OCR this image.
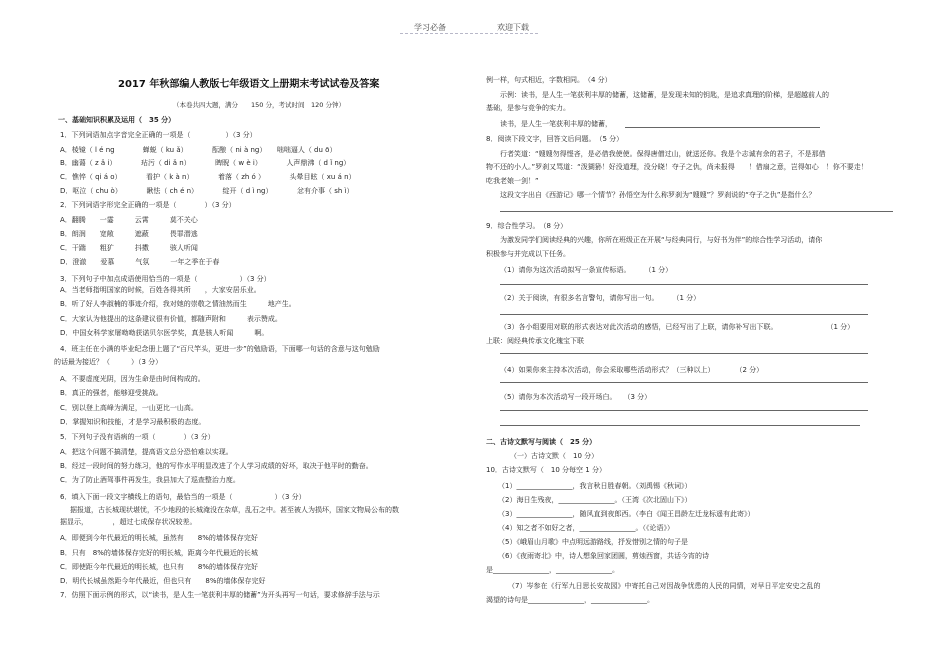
学习必备	欢迎下载
2017 年秋部编人教版七年级语文上册期末考试试卷及答案
（本卷共四大题，满分　　150 分，考试时间　120 分钟）
一、基础知识积累及运用（　35 分）
1．下列词语加点字音完全正确的一项是（　　　　　）（3 分）
A．棱镜（ l é ng　　　　蝉蜕（ ku ǎ）　　　　酝酿（ ni à ng）　　咄咄逼人（ du ō）
B．幽蔼（ z ǎ i）　　　　玷污（ di ǎ n）　　　　睥睨（ w è i）　　　　人声鼎沸（ d ǐ ng）
C．憔悴（ qi á o）　　　　看护（ k à n）　　　　着落（ zh ó ）　　　　头晕目眩（ xu á n）
D．呕泣（ chu ò）　　　　瞅怯（ ch é n）　　　　绽开（ d ì ng）　　　　忿有介事（ sh ì）
2．下列词语字形完全正确的一项是（　　　　）（3 分）
A．翻腾　　一霎　　　云霄　　　莫不关心
B．朗润　　宽敞　　　遮蔽　　　畏罪潜逃
C．干踹　　粗犷　　　抖擞　　　骇人听闻
D．澄澈　　爱慕　　　气氛　　　一年之季在于春
3．下列句子中加点成语使用恰当的一项是（　　　　　　）（3 分）
A．当老师指明国家的时候，百姓各得其所　　，大家安居乐业。
B．听了好人李淑楠的事迹介绍，我对她的崇敬之情油然而生　　　地产生。
C．大家认为他提出的这条建议很有价值，都随声附和　　　表示赞成。
D．中国女科学家屠呦呦获诺贝尔医学奖，真是骇人听闻　　　啊。
4．班主任在小满的毕业纪念册上题了“百尺竿头，更进一步”的勉励语，下面哪一句话的含意与这句勉励
的话最为接近？（　　　）（3 分）
A．不要虚度光阴，因为生命是由时间构成的。
B．真正的强者，能够迎受挑战。
C．别以登上高峰为满足，一山更比一山高。
D．掌握知识和技能，才是学习最积极的态度。
5．下列句子没有语病的一项（　　　　）（3 分）
A．把这个问题不搞清楚，提高语文总分恐怕难以实现。
B．经过一段时间的努力练习，他的写作水平明显改进了个人学习成绩的好坏，取决于他平时的勤奋。
C．为了防止酒驾事件再发生，我县加大了巡查整治力度。
6．填入下面一段文字横线上的语句，最恰当的一项是（　　　　　　）（3 分）
据报道，古长城现状堪忧，不少地段的长城淹没在杂草，乱石之中。甚至被人为损坏，国家文物局公布的数
据显示，　　　　，超过七成保存状况较差。
A．即便到今年代最近的明长城，虽然有　　8%的墙体保存完好
B．只有　8%的墙体保存完好的明长城，距离今年代最近的长城
C．即使距今年代最近的明长城，也只有　　8%的墙体保存完好
D．明代长城虽然距今年代最近，但也只有　　8%的墙体保存完好
7．仿照下面示例的形式，以“读书，是人生一笔获利丰厚的储蓄”为开头再写一句话，要求修辞手法与示
例一样，句式相近，字数相同。　（4 分）
示例：读书，是人生一笔获利丰厚的储蓄，这储蓄，是发现未知的钥匙，是追求真理的阶梯，是超越前人的
基础，是参与竞争的实力。
读书，是人生一笔获利丰厚的储蓄，
8．阅读下段文字，回答文后问题。　（5 分）
行者笑道：“嫂嫂勿得悭吝，是必借我使使。保得唐僧过山，就送还你。我是个志诚有余的君子，不是那借
物不还的小人。”罗刹又骂道：“泼猢狲！好没道理，没分晓！夺子之仇，尚未报得　　！借扇之意，岂得如心　！你不要走！
吃我老娘一剑！”
这段文字出自《西游记》哪一个情节？孙悟空为什么称罗刹为“嫂嫂”？罗刹说的“夺子之仇”是指什么？
9．综合性学习。　（8 分）
为激发同学们阅读经典的兴趣，你所在班级正在开展“与经典同行，与好书为伴”的综合性学习活动，请你
积极参与并完成以下任务。
（1）请你为这次活动拟写一条宣传标语。　　　（1 分）
（2）关于阅读，有很多名言警句，请你写出一句。　　　（1 分）
（3）各小组要用对联的形式表达对此次活动的感悟，已经写出了上联，请你补写出下联。　　　　　　　　（1 分）
上联：阅经典传承文化瑰宝下联
（4）如果你来主持本次活动，你会采取哪些活动形式？（三种以上）　　　　（2 分）
（5）请你为本次活动写一段开场白。　　（3 分）
二、古诗文默写与阅读（　25 分）
（一）古诗文默（　10 分）
10．古诗文默写（　10 分每空 1 分）
（1）________________，我言秋日胜春朝。（刘禹锡《秋词》）
（2）海日生残夜，________________。（王湾《次北固山下》）
（3）________________，随风直到夜郎西。（李白《闻王昌龄左迁龙标遥有此寄》）
（4）知之者不如好之者，________________。（《论语》）
（5）《峨眉山月歌》中点明远游路线，抒发惜别之情的句子是
（6）《夜雨寄北》中，诗人想象回家团圆，剪烛西窗，共话今宵的诗
是________________，________________。
（7）岑参在《行军九日思长安故园》中寄托自己对因战争忧患的人民的同情，对早日平定安史之乱的
渴望的诗句是________________，________________。
